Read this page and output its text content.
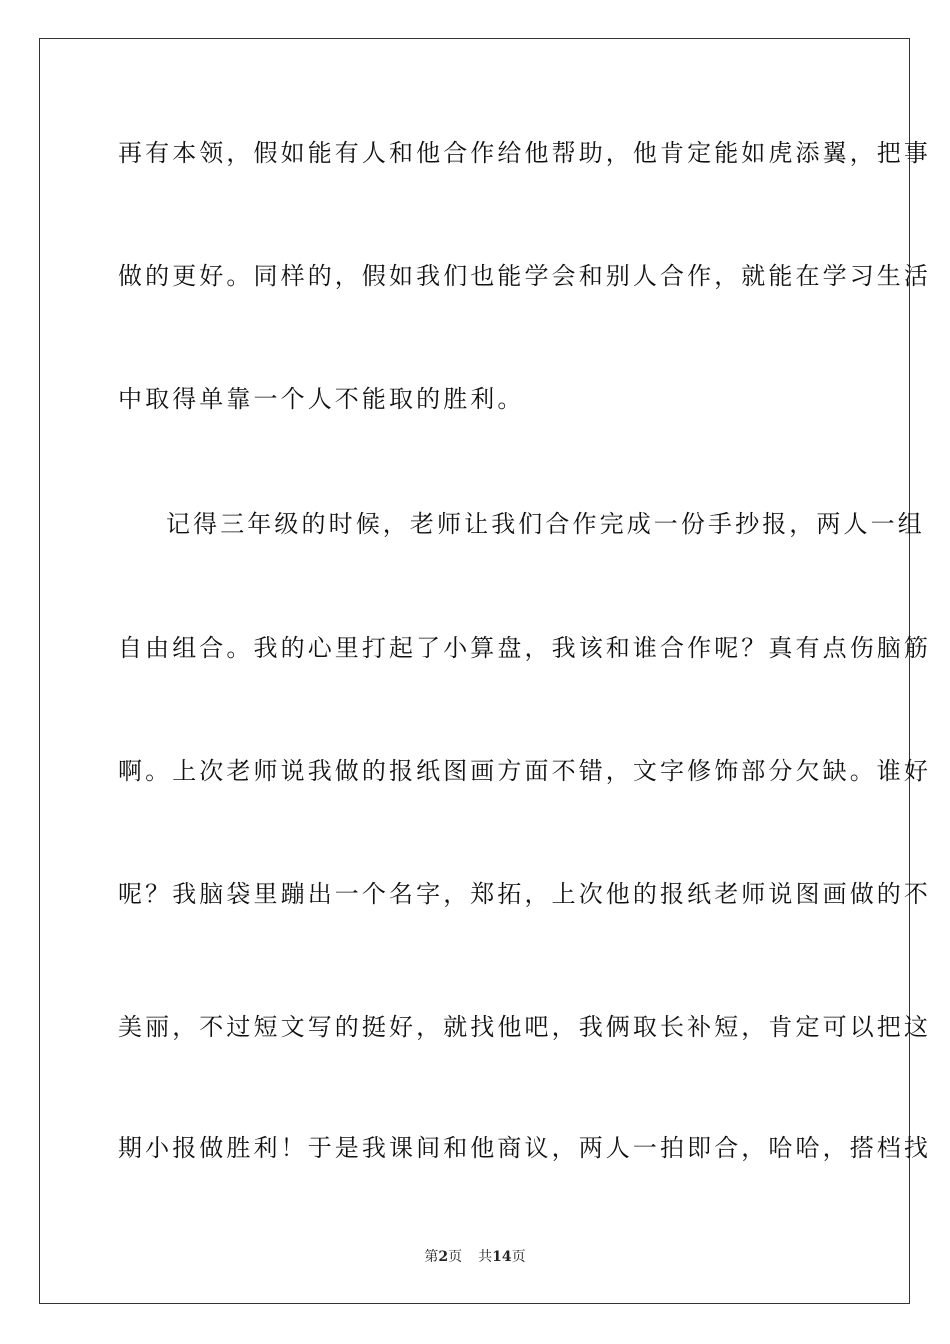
再有本领，假如能有人和他合作给他帮助，他肯定能如虎添翼，把事
做的更好。同样的，假如我们也能学会和别人合作，就能在学习生活
中取得单靠一个人不能取的胜利。
记得三年级的时候，老师让我们合作完成一份手抄报，两人一组
自由组合。我的心里打起了小算盘，我该和谁合作呢？真有点伤脑筋
啊。上次老师说我做的报纸图画方面不错，文字修饰部分欠缺。谁好
呢？我脑袋里蹦出一个名字，郑拓，上次他的报纸老师说图画做的不
美丽，不过短文写的挺好，就找他吧，我俩取长补短，肯定可以把这
期小报做胜利！于是我课间和他商议，两人一拍即合，哈哈，搭档找
第2页 共14页
